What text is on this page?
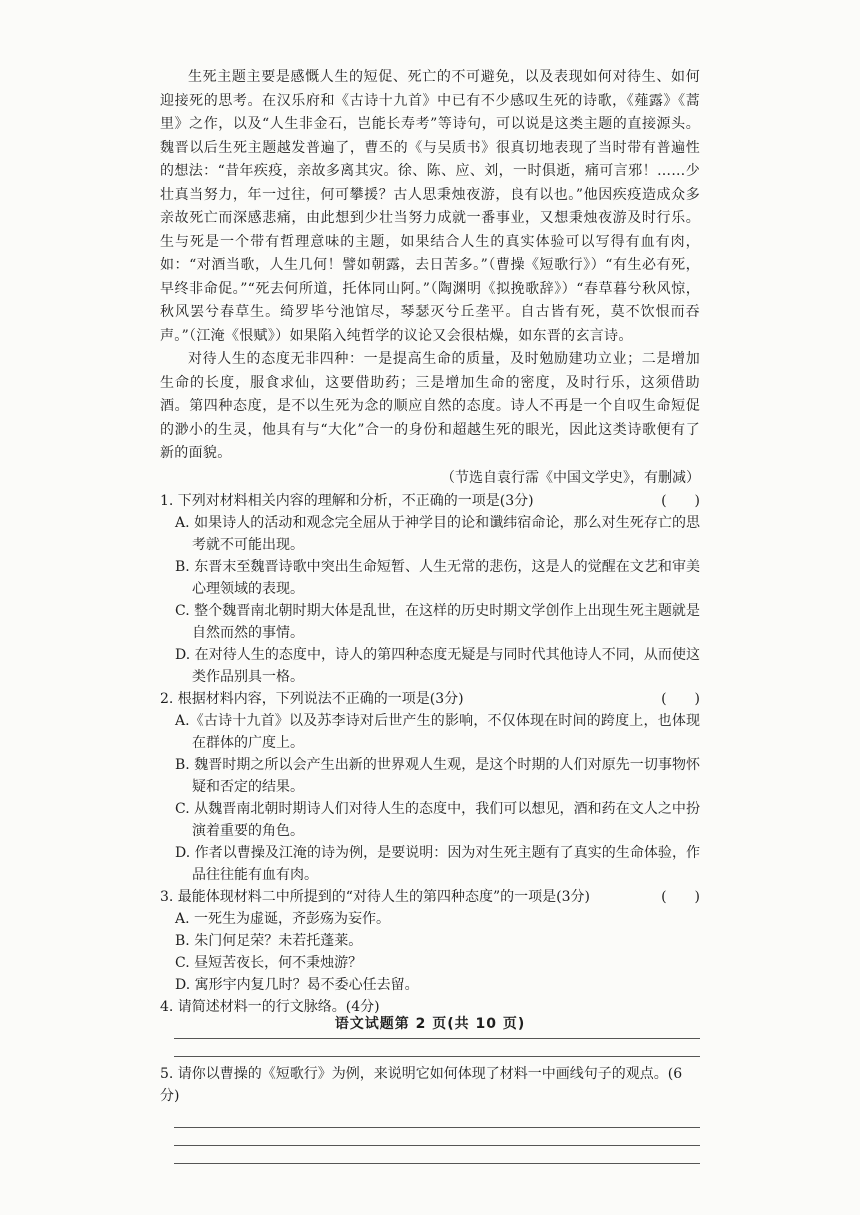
生死主题主要是感慨人生的短促、死亡的不可避免，以及表现如何对待生、如何迎接死的思考。在汉乐府和《古诗十九首》中已有不少感叹生死的诗歌，《薤露》《蒿里》之作，以及“人生非金石，岂能长寿考”等诗句，可以说是这类主题的直接源头。魏晋以后生死主题越发普遍了，曹丕的《与吴质书》很真切地表现了当时带有普遍性的想法：“昔年疾疫，亲故多离其灾。徐、陈、应、刘，一时俱逝，痛可言邪！……少壮真当努力，年一过往，何可攀援？古人思秉烛夜游，良有以也。”他因疾疫造成众多亲故死亡而深感悲痛，由此想到少壮当努力成就一番事业，又想秉烛夜游及时行乐。生与死是一个带有哲理意味的主题，如果结合人生的真实体验可以写得有血有肉，如：“对酒当歌，人生几何！譬如朝露，去日苦多。”（曹操《短歌行》）“有生必有死，早终非命促。”“死去何所道，托体同山阿。”（陶渊明《拟挽歌辞》）“春草暮兮秋风惊，秋风罢兮春草生。绮罗毕兮池馆尽，琴瑟灭兮丘垄平。自古皆有死，莫不饮恨而吞声。”（江淹《恨赋》）如果陷入纯哲学的议论又会很枯燥，如东晋的玄言诗。

对待人生的态度无非四种：一是提高生命的质量，及时勉励建功立业；二是增加生命的长度，服食求仙，这要借助药；三是增加生命的密度，及时行乐，这须借助酒。第四种态度，是不以生死为念的顺应自然的态度。诗人不再是一个自叹生命短促的渺小的生灵，他具有与“大化”合一的身份和超越生死的眼光，因此这类诗歌便有了新的面貌。

（节选自袁行霈《中国文学史》，有删减）
1. 下列对材料相关内容的理解和分析，不正确的一项是(3分)	(　　)

A. 如果诗人的活动和观念完全屈从于神学目的论和谶纬宿命论，那么对生死存亡的思考就不可能出现。

B. 东晋末至魏晋诗歌中突出生命短暂、人生无常的悲伤，这是人的觉醒在文艺和审美心理领域的表现。

C. 整个魏晋南北朝时期大体是乱世，在这样的历史时期文学创作上出现生死主题就是自然而然的事情。

D. 在对待人生的态度中，诗人的第四种态度无疑是与同时代其他诗人不同，从而使这类作品别具一格。

2. 根据材料内容，下列说法不正确的一项是(3分)	(　　)

A.《古诗十九首》以及苏李诗对后世产生的影响，不仅体现在时间的跨度上，也体现在群体的广度上。

B. 魏晋时期之所以会产生出新的世界观人生观，是这个时期的人们对原先一切事物怀疑和否定的结果。

C. 从魏晋南北朝时期诗人们对待人生的态度中，我们可以想见，酒和药在文人之中扮演着重要的角色。

D. 作者以曹操及江淹的诗为例，是要说明：因为对生死主题有了真实的生命体验，作品往往能有血有肉。

3. 最能体现材料二中所提到的“对待人生的第四种态度”的一项是(3分)	(　　)

A. 一死生为虚诞，齐彭殇为妄作。

B. 朱门何足荣？未若托蓬莱。

C. 昼短苦夜长，何不秉烛游？

D. 寓形宇内复几时？曷不委心任去留。

4. 请简述材料一的行文脉络。(4分)
5. 请你以曹操的《短歌行》为例，来说明它如何体现了材料一中画线句子的观点。(6分)
语文试题第 2 页(共 10 页)
